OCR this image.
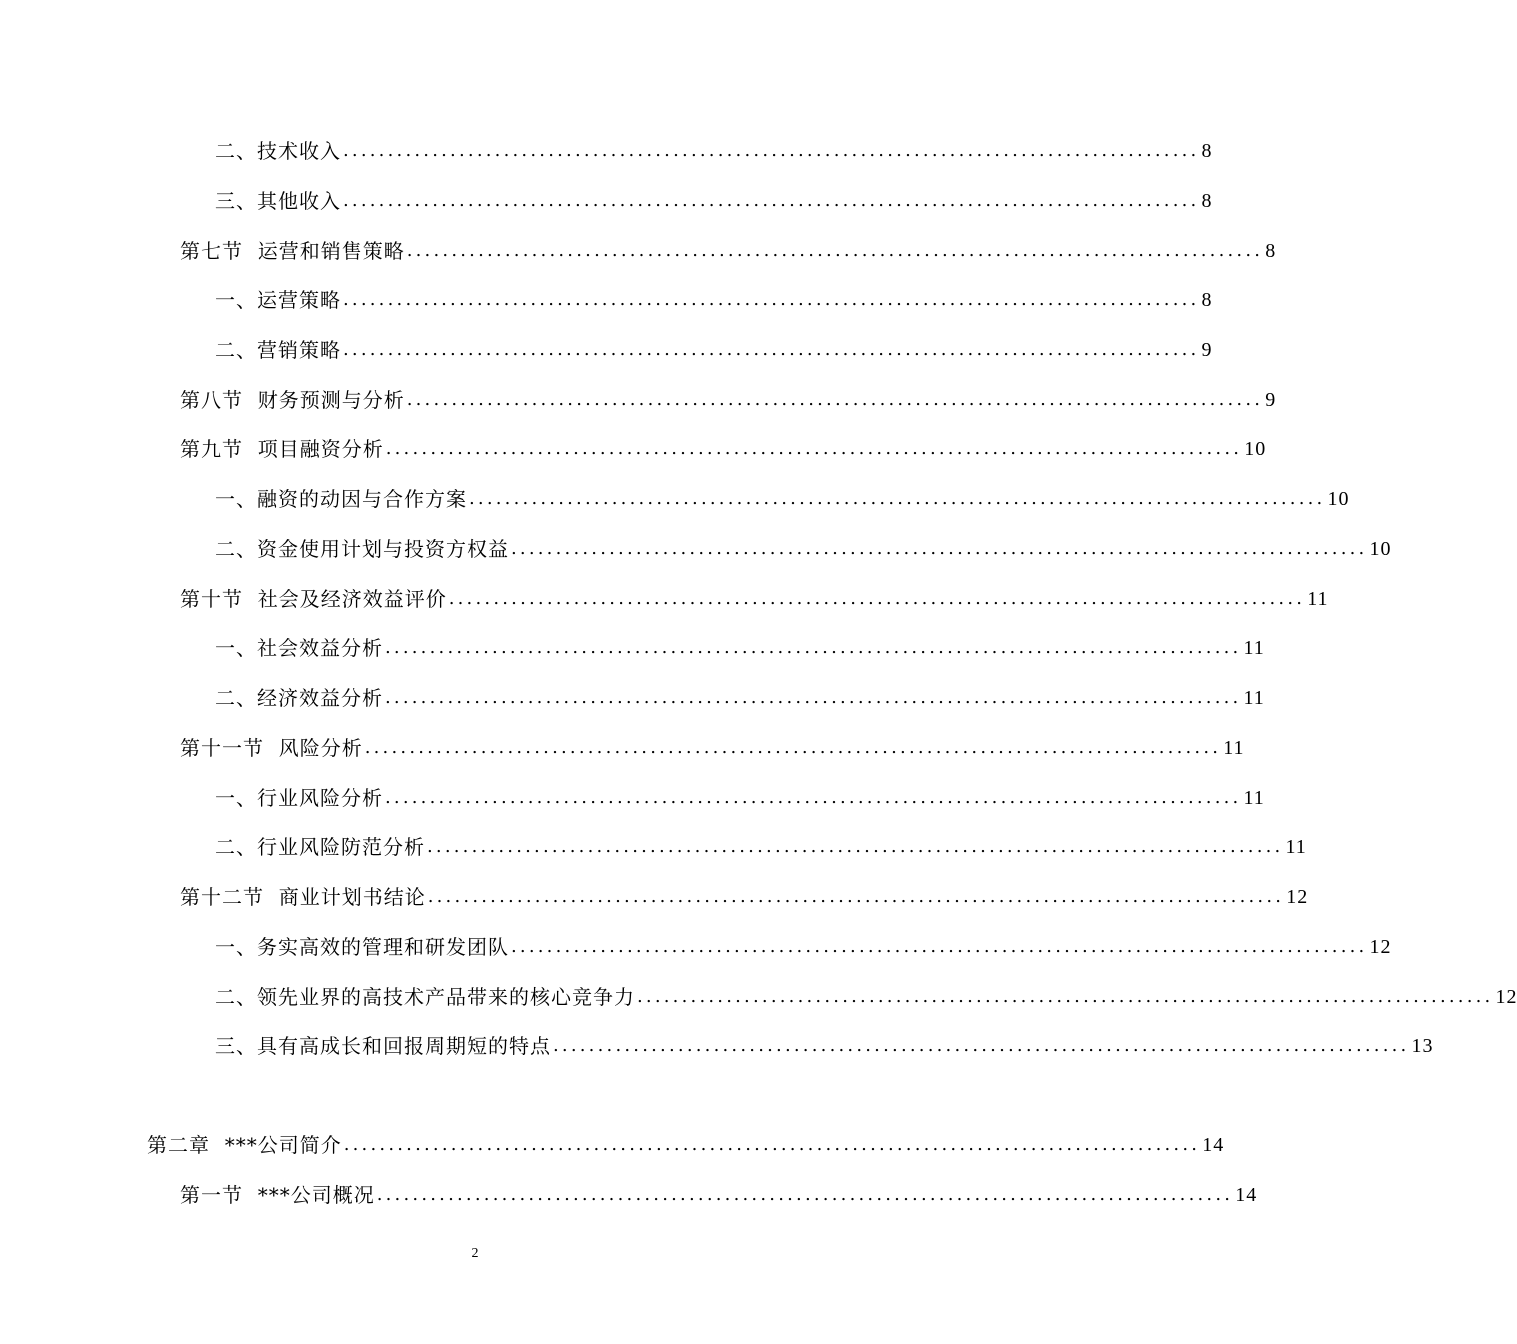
二、技术收入 ................................................................................................ 8
三、其他收入 ................................................................................................ 8
第七节  运营和销售策略 ................................................................................................ 8
一、运营策略 ................................................................................................ 8
二、营销策略 ................................................................................................ 9
第八节  财务预测与分析 ................................................................................................ 9
第九节  项目融资分析 ................................................................................................ 10
一、融资的动因与合作方案 ................................................................................................ 10
二、资金使用计划与投资方权益 ................................................................................................ 10
第十节  社会及经济效益评价 ................................................................................................ 11
一、社会效益分析 ................................................................................................ 11
二、经济效益分析 ................................................................................................ 11
第十一节  风险分析 ................................................................................................ 11
一、行业风险分析 ................................................................................................ 11
二、行业风险防范分析 ................................................................................................ 11
第十二节  商业计划书结论 ................................................................................................ 12
一、务实高效的管理和研发团队 ................................................................................................ 12
二、领先业界的高技术产品带来的核心竞争力 ................................................................................................ 12
三、具有高成长和回报周期短的特点 ................................................................................................ 13
第二章  ***公司简介 ................................................................................................ 14
第一节  ***公司概况 ................................................................................................ 14
2
